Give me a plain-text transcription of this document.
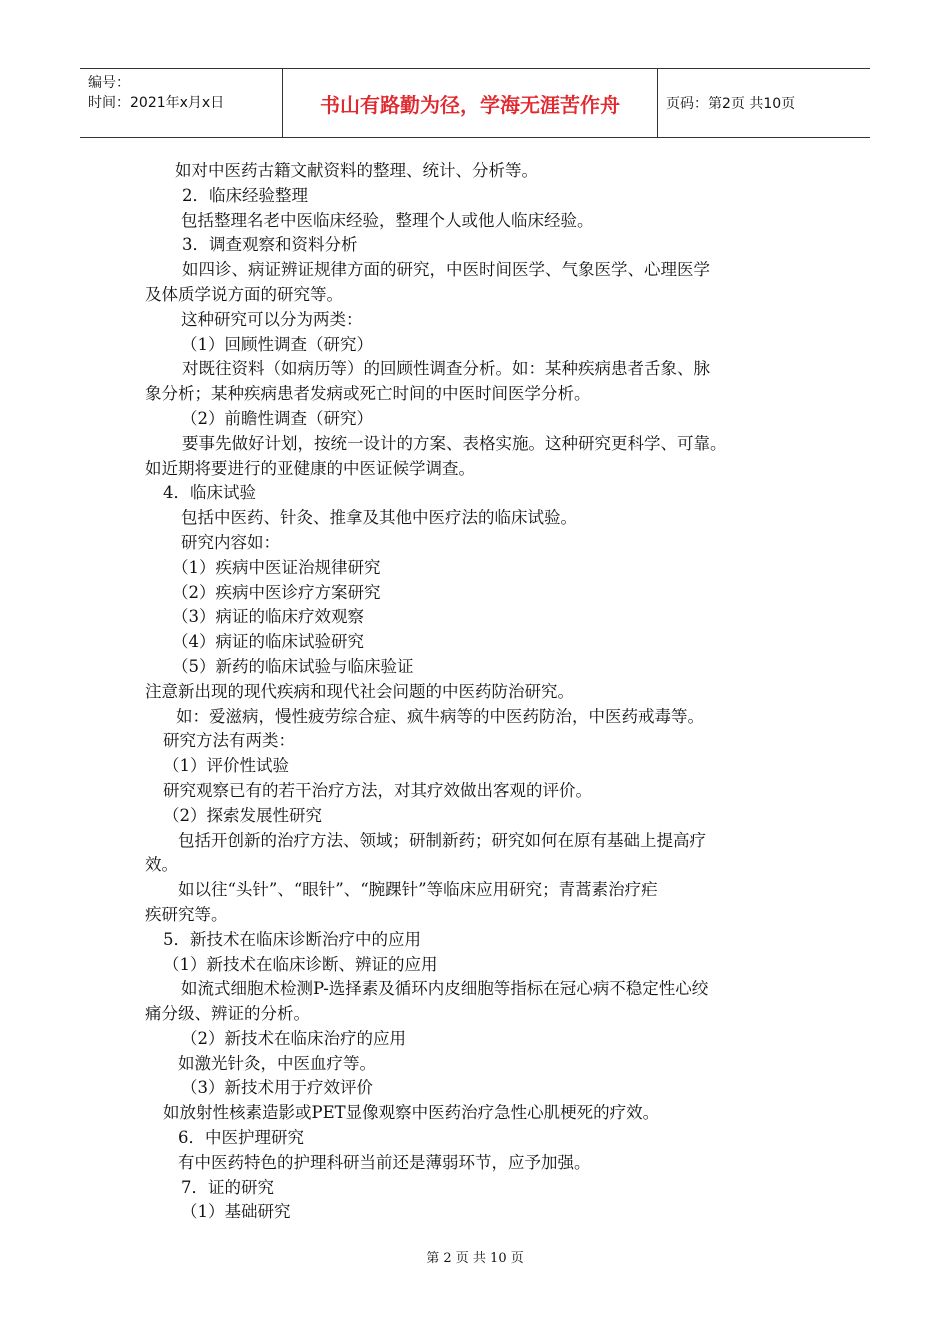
编号：
时间：2021年x月x日	书山有路勤为径，学海无涯苦作舟	页码：第2页 共10页
如对中医药古籍文献资料的整理、统计、分析等。
2．临床经验整理
包括整理名老中医临床经验，整理个人或他人临床经验。
3．调查观察和资料分析
如四诊、病证辨证规律方面的研究，中医时间医学、气象医学、心理医学
及体质学说方面的研究等。
这种研究可以分为两类：
（1）回顾性调查（研究）
对既往资料（如病历等）的回顾性调查分析。如：某种疾病患者舌象、脉
象分析；某种疾病患者发病或死亡时间的中医时间医学分析。
（2）前瞻性调查（研究）
要事先做好计划，按统一设计的方案、表格实施。这种研究更科学、可靠。
如近期将要进行的亚健康的中医证候学调查。
4．临床试验
包括中医药、针灸、推拿及其他中医疗法的临床试验。
研究内容如：
（1）疾病中医证治规律研究
（2）疾病中医诊疗方案研究
（3）病证的临床疗效观察
（4）病证的临床试验研究
（5）新药的临床试验与临床验证
注意新出现的现代疾病和现代社会问题的中医药防治研究。
如：爱滋病，慢性疲劳综合症、疯牛病等的中医药防治，中医药戒毒等。
研究方法有两类：
（1）评价性试验
研究观察已有的若干治疗方法，对其疗效做出客观的评价。
（2）探索发展性研究
包括开创新的治疗方法、领域；研制新药；研究如何在原有基础上提高疗
效。
如以往“头针”、“眼针”、“腕踝针”等临床应用研究；青蒿素治疗疟
疾研究等。
5．新技术在临床诊断治疗中的应用
（1）新技术在临床诊断、辨证的应用
如流式细胞术检测P-选择素及循环内皮细胞等指标在冠心病不稳定性心绞
痛分级、辨证的分析。
（2）新技术在临床治疗的应用
如激光针灸，中医血疗等。
（3）新技术用于疗效评价
如放射性核素造影或PET显像观察中医药治疗急性心肌梗死的疗效。
6．中医护理研究
有中医药特色的护理科研当前还是薄弱环节，应予加强。
7．证的研究
（1）基础研究
第 2 页 共 10 页
